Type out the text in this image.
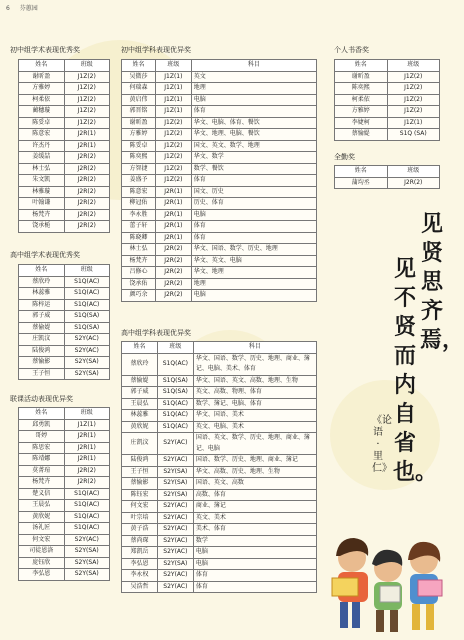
6 芬蕙园
初中组学术表现优秀奖
姓名	班级
谢昕盈	J1Z(2)
方雅婷	J1Z(2)
柯柔依	J1Z(2)
蔺穗璇	J1Z(2)
陈妥卓	J1Z(2)
陈意宏	J2R(1)
许杰丹	J2R(1)
姜缓喆	J2R(2)
林士弘	J2R(2)
朱文凯	J2R(2)
林雅璇	J2R(2)
叶翰谦	J2R(2)
杨梵卉	J2R(2)
饶承栀	J2R(2)
高中组学术表现优秀奖
姓名	班级
蔡欣玲	S1Q(AC)
林蕊雅	S1Q(AC)
陈梓运	S1Q(AC)
郭子威	S1Q(SA)
蔡偷媞	S1Q(SA)
庄凯汶	S2Y(AC)
陆俊鸿	S2Y(AC)
蔡愉影	S2Y(SA)
王子恒	S2Y(SA)
联课活动表现优异奖
姓名	班级
邱勇凯	J1Z(1)
哥婷	J2R(1)
陈思宏	J2R(1)
陈靖娜	J2R(1)
莫菁瑄	J2R(2)
杨梵卉	J2R(2)
楚义信	S1Q(AC)
王晨弘	S1Q(AC)
黄欣妮	S1Q(AC)
汤礼匠	S1Q(AC)
何文宏	S2Y(AC)
司徒恩洛	S2Y(SA)
庞钰欣	S2Y(SA)
李弘恩	S2Y(SA)
初中组学科表现优异奖
姓名	班级	科目
吴微莎	J1Z(1)	英文
何瑞森	J1Z(1)	地理
黄启伟	J1Z(1)	电脑
郭晋铭	J1Z(1)	体育
谢昕盈	J1Z(2)	华文、电脑、体育、餐饮
方雅婷	J1Z(2)	华文、地理、电脑、餐饮
陈妥卓	J1Z(2)	国文、英文、数学、地理
陈奕熙	J1Z(2)	华文、数学
方智捷	J1Z(2)	数学、餐饮
姜盛予	J1Z(2)	体育
陈意宏	J2R(1)	国文、历史
柳冠佑	J2R(1)	历史、体育
李永胜	J2R(1)	电脑
蕾子轩	J2R(1)	体育
陈晓卿	J2R(1)	体育
林士弘	J2R(2)	华文、国语、数学、历史、地理
杨梵卉	J2R(2)	华文、英文、电脑
吕修心	J2R(2)	华文、地理
饶承佑	J2R(2)	地理
颜巧余	J2R(2)	电脑
高中组学科表现优异奖
姓名	班级	科目
蔡欣玲	S1Q(AC)	华文、国语、数学、历史、地理、商业、簿记、电脑、美术、体育
蔡愉媞	S1Q(SA)	华文、国语、英文、高数、地理、生物
郭子威	S1Q(SA)	英文、高数、物理、体育
王晨弘	S1Q(AC)	数学、簿记、电脑、体育
林蕊雅	S1Q(AC)	华文、国语、美术
黄欣妮	S1Q(AC)	英文、电脑、美术
庄凯汶	S2Y(AC)	国语、英文、数学、历史、地理、商业、簿记、电脑
陆俊鸿	S2Y(AC)	国语、数学、历史、地理、商业、簿记
王子恒	S2Y(SA)	华文、高数、历史、地理、生物
蔡愉影	S2Y(SA)	国语、英文、高数
陈钰宏	S2Y(SA)	高数、体育
何文宏	S2Y(AC)	商业、簿记
叶宗培	S2Y(AC)	英文、美术
黄子浩	S2Y(AC)	美术、体育
蔡尚琛	S2Y(AC)	数学
郑凯岳	S2Y(AC)	电脑
李弘恩	S2Y(SA)	电脑
李永权	S2Y(AC)	体育
吴浩哲	S2Y(AC)	体育
个人书香奖
姓名	班级
谢昕盈	J1Z(2)
陈奕熙	J1Z(2)
柯柔依	J1Z(2)
方雅婷	J1Z(2)
李婕柯	J1Z(1)
蔡愉媞	S1Q (SA)
全勤奖
姓名	班级
蒲均丞	J2R(2)
见贤思齐焉，
见不贤而内自省也。
《论语·里仁》
